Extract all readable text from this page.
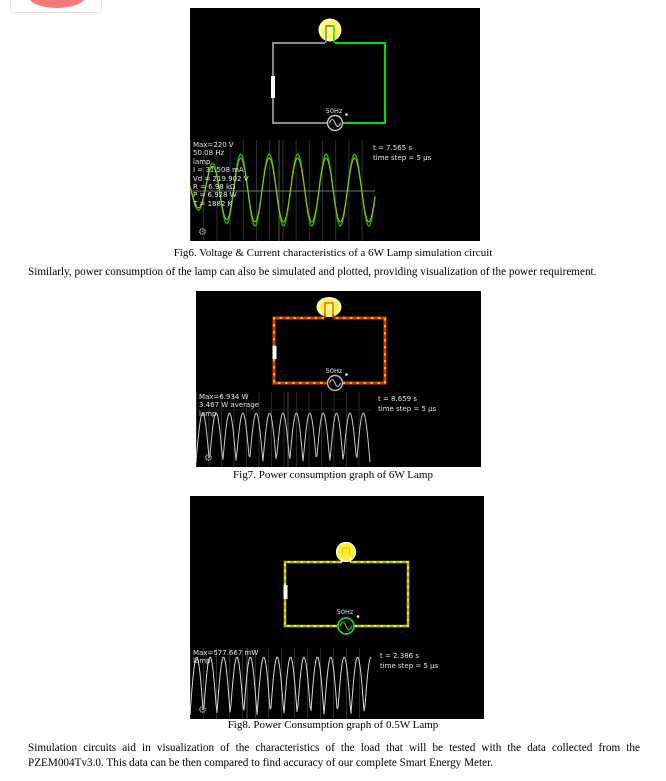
50Hz
Max=220 V
50.08 Hz
lamp
I = 31.508 mA
Vd = 219.902 V
R = 6.98 kΩ
P = 6.928 W
T = 1882 K
t = 7.565 s
time step = 5 µs
⚙
Fig6. Voltage & Current characteristics of a 6W Lamp simulation circuit
Similarly, power consumption of the lamp can also be simulated and plotted, providing visualization of the power requirement.
50Hz
Max=6.934 W
3.467 W average
lamp
t = 8.659 s
time step = 5 µs
⚙
Fig7. Power consumption graph of 6W Lamp
50Hz
Max=577.667 mW
lamp
t = 2.386 s
time step = 5 µs
⚙
Fig8. Power Consumption graph of 0.5W Lamp
Simulation circuits aid in visualization of the characteristics of the load that will be tested with the data collected from the PZEM004Tv3.0. This data can be then compared to find accuracy of our complete Smart Energy Meter.
